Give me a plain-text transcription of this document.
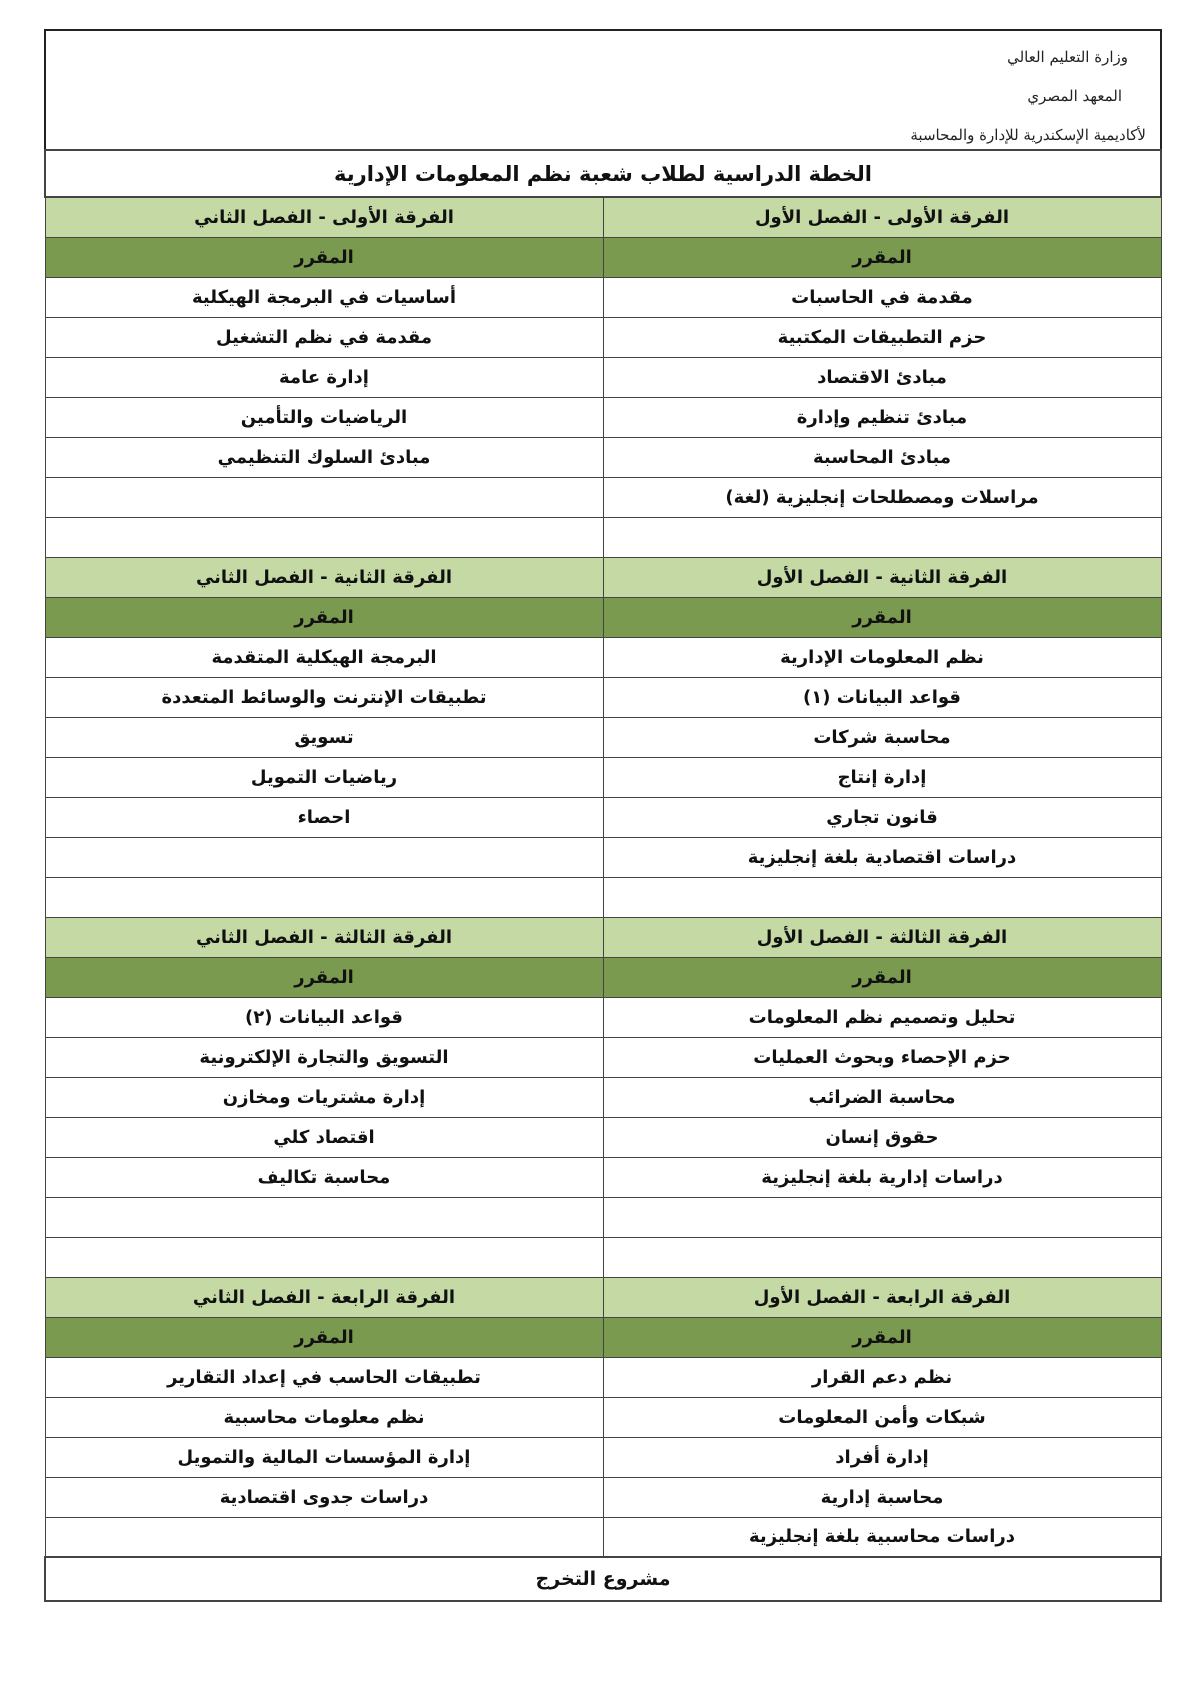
وزارة التعليم العالي
المعهد المصري
لأكاديمية الإسكندرية للإدارة والمحاسبة
الخطة الدراسية لطلاب شعبة نظم المعلومات الإدارية	
الفرقة الأولى - الفصل الأول	الفرقة الأولى - الفصل الثاني
المقرر	المقرر
مقدمة في الحاسبات	أساسيات في البرمجة الهيكلية
حزم التطبيقات المكتبية	مقدمة في نظم التشغيل
مبادئ الاقتصاد	إدارة عامة
مبادئ تنظيم وإدارة	الرياضيات والتأمين
مبادئ المحاسبة	مبادئ السلوك التنظيمي
مراسلات ومصطلحات إنجليزية (لغة)	

الفرقة الثانية - الفصل الأول	الفرقة الثانية - الفصل الثاني
المقرر	المقرر
نظم المعلومات الإدارية	البرمجة الهيكلية المتقدمة
قواعد البيانات (١)	تطبيقات الإنترنت والوسائط المتعددة
محاسبة شركات	تسويق
إدارة إنتاج	رياضيات التمويل
قانون تجاري	احصاء
دراسات اقتصادية بلغة إنجليزية	

الفرقة الثالثة - الفصل الأول	الفرقة الثالثة - الفصل الثاني
المقرر	المقرر
تحليل وتصميم نظم المعلومات	قواعد البيانات (٢)
حزم الإحصاء وبحوث العمليات	التسويق والتجارة الإلكترونية
محاسبة الضرائب	إدارة مشتريات ومخازن
حقوق إنسان	اقتصاد كلي
دراسات إدارية بلغة إنجليزية	محاسبة تكاليف

الفرقة الرابعة - الفصل الأول	الفرقة الرابعة - الفصل الثاني
المقرر	المقرر
نظم دعم القرار	تطبيقات الحاسب في إعداد التقارير
شبكات وأمن المعلومات	نظم معلومات محاسبية
إدارة أفراد	إدارة المؤسسات المالية والتمويل
محاسبة إدارية	دراسات جدوى اقتصادية
دراسات محاسبية بلغة إنجليزية	
مشروع التخرج	
